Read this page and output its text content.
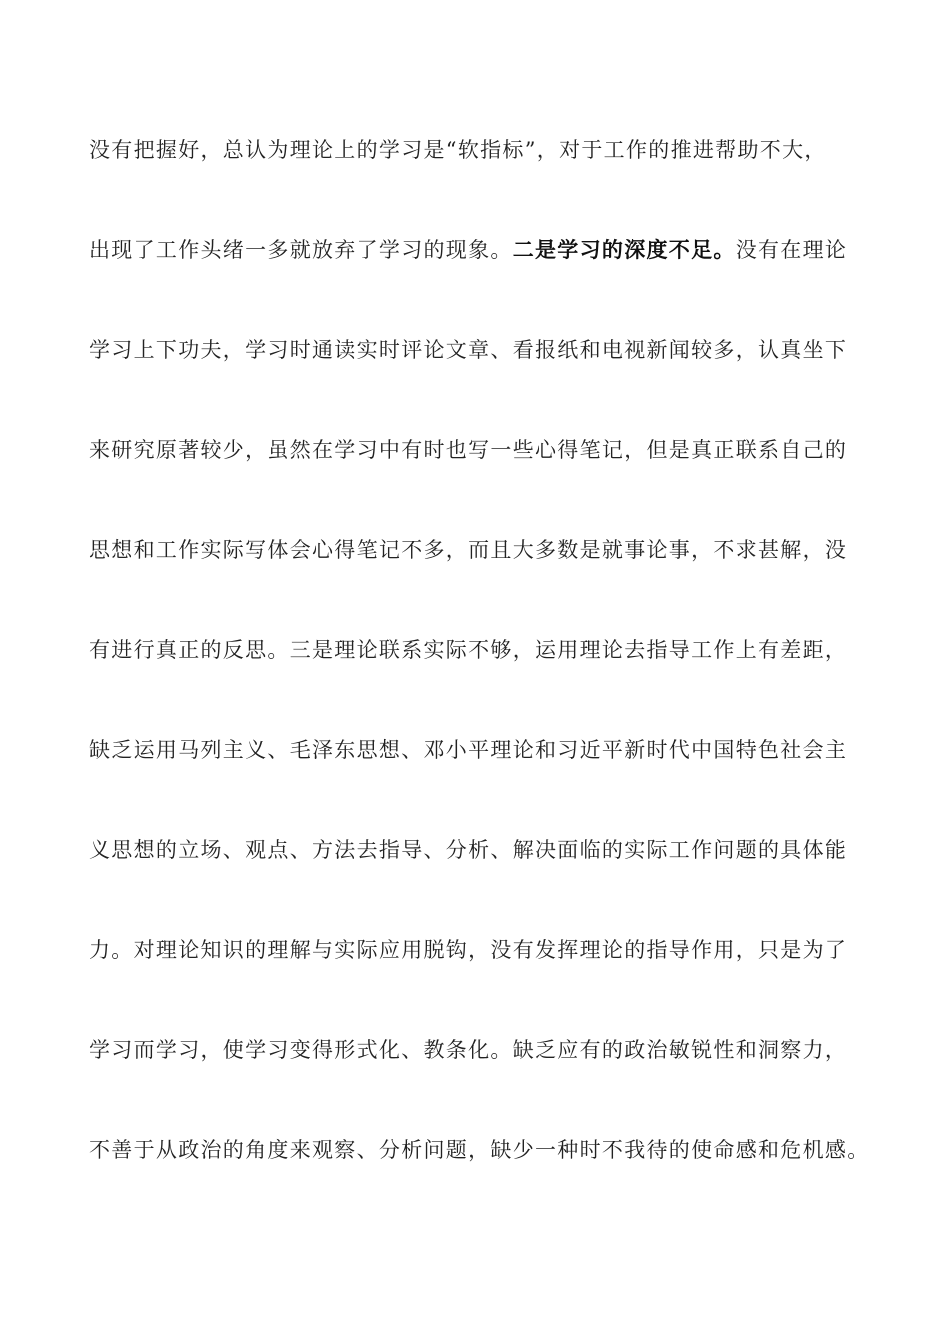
没有把握好，总认为理论上的学习是“软指标”，对于工作的推进帮助不大，
出现了工作头绪一多就放弃了学习的现象。二是学习的深度不足。没有在理论
学习上下功夫，学习时通读实时评论文章、看报纸和电视新闻较多，认真坐下
来研究原著较少，虽然在学习中有时也写一些心得笔记，但是真正联系自己的
思想和工作实际写体会心得笔记不多，而且大多数是就事论事，不求甚解，没
有进行真正的反思。三是理论联系实际不够，运用理论去指导工作上有差距，
缺乏运用马列主义、毛泽东思想、邓小平理论和习近平新时代中国特色社会主
义思想的立场、观点、方法去指导、分析、解决面临的实际工作问题的具体能
力。对理论知识的理解与实际应用脱钩，没有发挥理论的指导作用，只是为了
学习而学习，使学习变得形式化、教条化。缺乏应有的政治敏锐性和洞察力，
不善于从政治的角度来观察、分析问题，缺少一种时不我待的使命感和危机感。
